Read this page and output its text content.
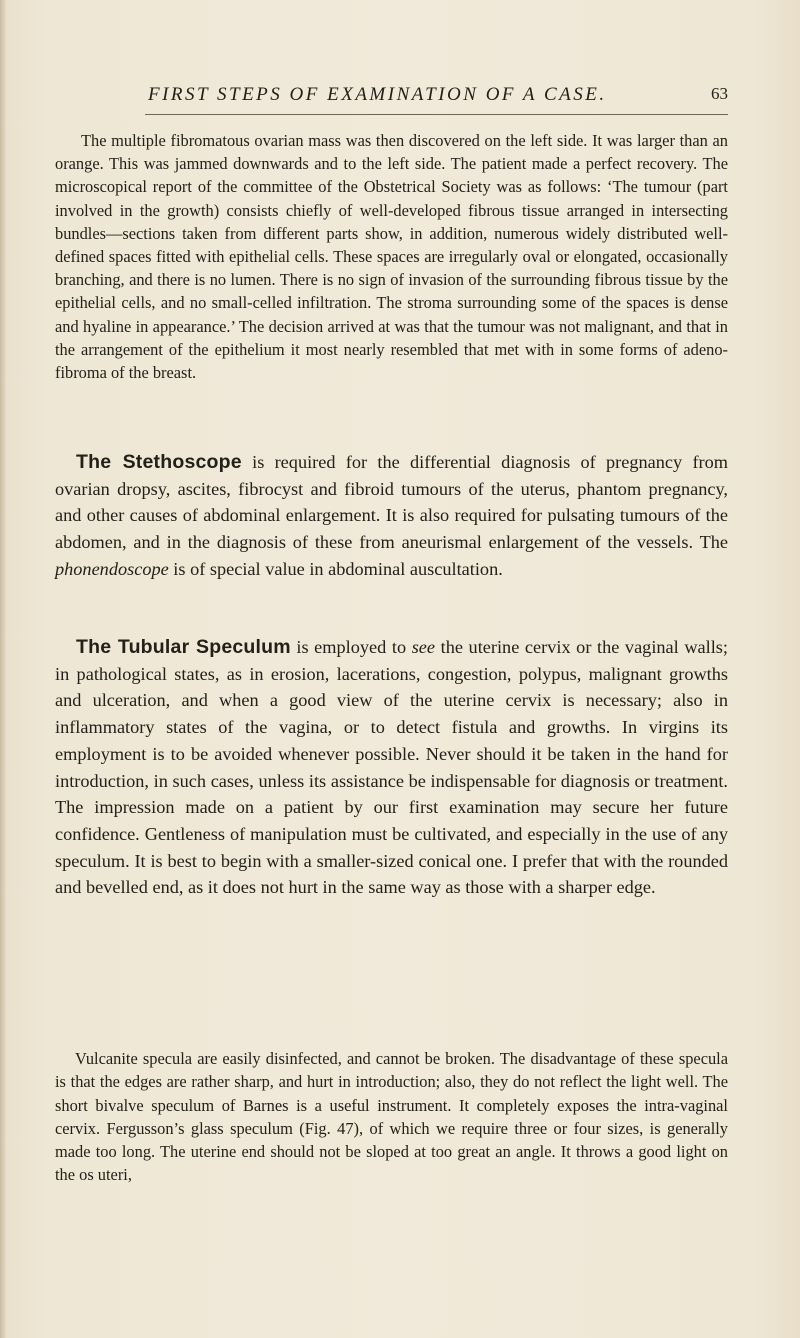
FIRST STEPS OF EXAMINATION OF A CASE.	63

The multiple fibromatous ovarian mass was then discovered on the left side. It was larger than an orange. This was jammed downwards and to the left side. The patient made a perfect recovery. The microscopical report of the committee of the Obstetrical Society was as follows: ‘The tumour (part involved in the growth) consists chiefly of well-developed fibrous tissue arranged in intersecting bundles—sections taken from different parts show, in addition, numerous widely distributed well-defined spaces fitted with epithelial cells. These spaces are irregularly oval or elongated, occasionally branching, and there is no lumen. There is no sign of invasion of the surrounding fibrous tissue by the epithelial cells, and no small-celled infiltration. The stroma surrounding some of the spaces is dense and hyaline in appearance.’ The decision arrived at was that the tumour was not malignant, and that in the arrangement of the epithelium it most nearly resembled that met with in some forms of adeno-fibroma of the breast.

The Stethoscope is required for the differential diagnosis of pregnancy from ovarian dropsy, ascites, fibrocyst and fibroid tumours of the uterus, phantom pregnancy, and other causes of abdominal enlargement. It is also required for pulsating tumours of the abdomen, and in the diagnosis of these from aneurismal enlargement of the vessels. The phonendoscope is of special value in abdominal auscultation.

The Tubular Speculum is employed to see the uterine cervix or the vaginal walls; in pathological states, as in erosion, lacerations, congestion, polypus, malignant growths and ulceration, and when a good view of the uterine cervix is necessary; also in inflammatory states of the vagina, or to detect fistula and growths. In virgins its employment is to be avoided whenever possible. Never should it be taken in the hand for introduction, in such cases, unless its assistance be indispensable for diagnosis or treatment. The impression made on a patient by our first examination may secure her future confidence. Gentleness of manipulation must be cultivated, and especially in the use of any speculum. It is best to begin with a smaller-sized conical one. I prefer that with the rounded and bevelled end, as it does not hurt in the same way as those with a sharper edge.

Vulcanite specula are easily disinfected, and cannot be broken. The disadvantage of these specula is that the edges are rather sharp, and hurt in introduction; also, they do not reflect the light well. The short bivalve speculum of Barnes is a useful instrument. It completely exposes the intra-vaginal cervix. Fergusson’s glass speculum (Fig. 47), of which we require three or four sizes, is generally made too long. The uterine end should not be sloped at too great an angle. It throws a good light on the os uteri,
